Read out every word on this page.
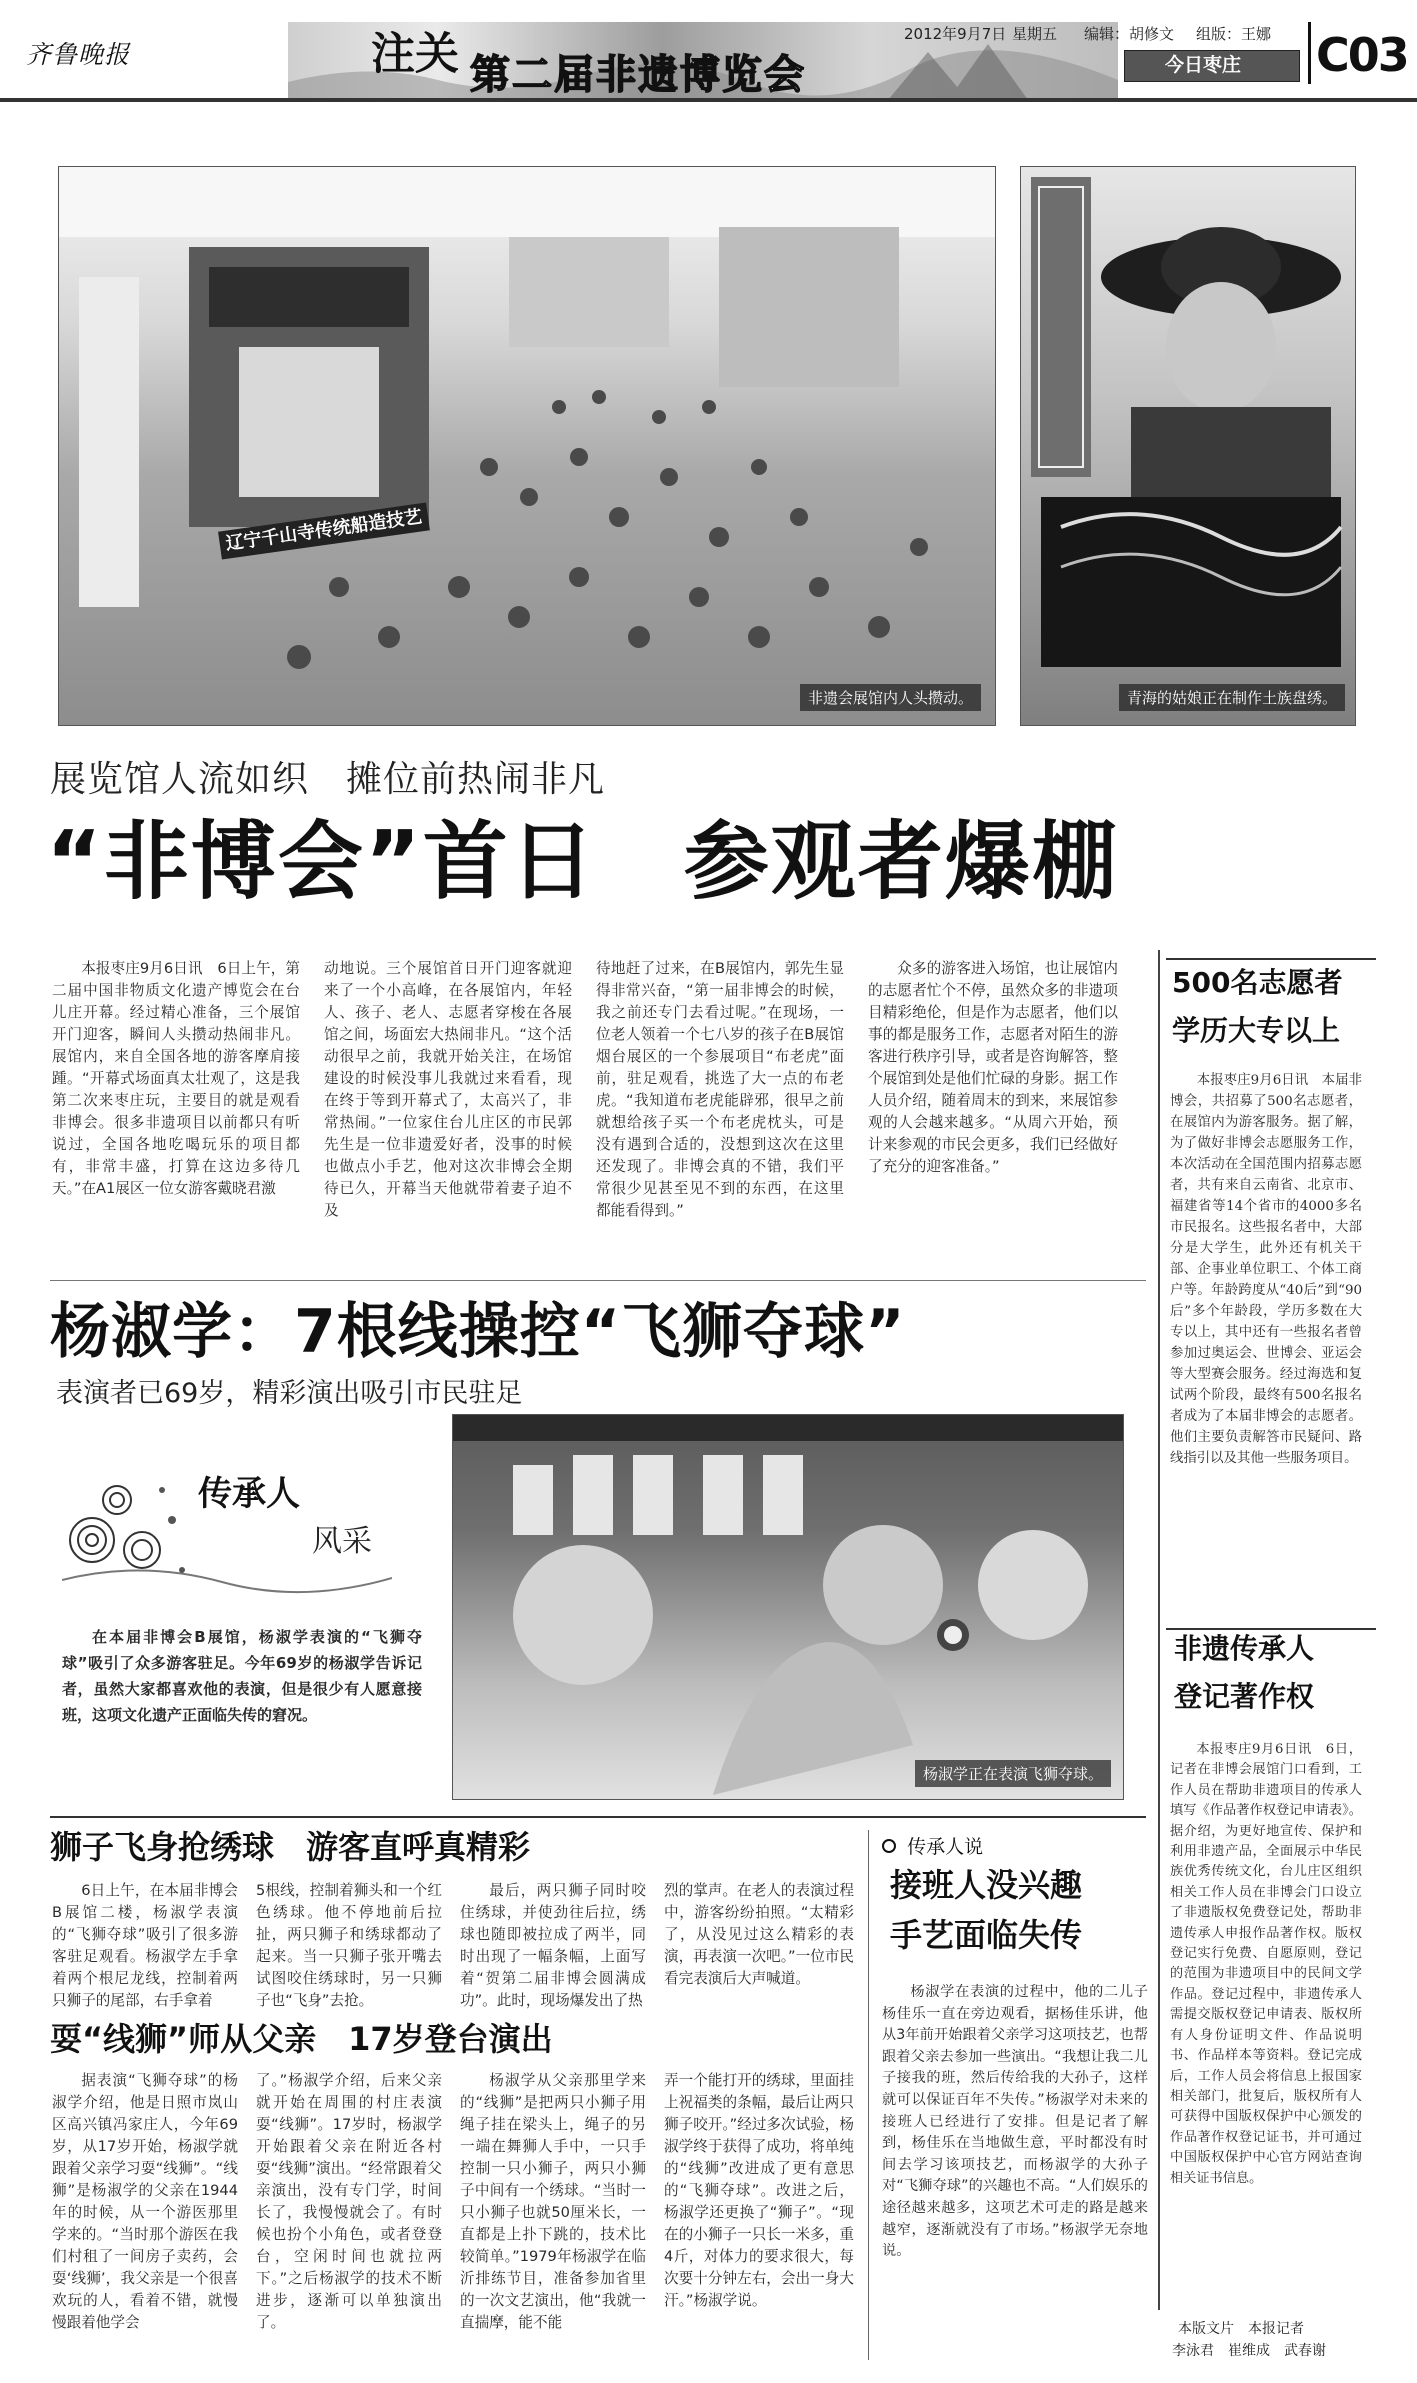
齐鲁晚报	关注
第二届非遗博览会
2012年9月7日 星期五 编辑：胡修文 组版：王娜
今日枣庄 C03
辽宁千山寺传统船造技艺
非遗会展馆内人头攒动。	青海的姑娘正在制作土族盘绣。
展览馆人流如织　摊位前热闹非凡
“非博会”首日　参观者爆棚
本报枣庄9月6日讯　6日上午，第二届中国非物质文化遗产博览会在台儿庄开幕。经过精心准备，三个展馆开门迎客，瞬间人头攒动热闹非凡。展馆内，来自全国各地的游客摩肩接踵。“开幕式场面真太壮观了，这是我第二次来枣庄玩，主要目的就是观看非博会。很多非遗项目以前都只有听说过，全国各地吃喝玩乐的项目都有，非常丰盛，打算在这边多待几天。”在A1展区一位女游客戴晓君激
动地说。三个展馆首日开门迎客就迎来了一个小高峰，在各展馆内，年轻人、孩子、老人、志愿者穿梭在各展馆之间，场面宏大热闹非凡。“这个活动很早之前，我就开始关注，在场馆建设的时候没事儿我就过来看看，现在终于等到开幕式了，太高兴了，非常热闹。”一位家住台儿庄区的市民郭先生是一位非遗爱好者，没事的时候也做点小手艺，他对这次非博会全期待已久，开幕当天他就带着妻子迫不及
待地赶了过来，在B展馆内，郭先生显得非常兴奋，“第一届非博会的时候，我之前还专门去看过呢。”在现场，一位老人领着一个七八岁的孩子在B展馆烟台展区的一个参展项目“布老虎”面前，驻足观看，挑选了大一点的布老虎。“我知道布老虎能辟邪，很早之前就想给孩子买一个布老虎枕头，可是没有遇到合适的，没想到这次在这里还发现了。非博会真的不错，我们平常很少见甚至见不到的东西，在这里都能看得到。”
众多的游客进入场馆，也让展馆内的志愿者忙个不停，虽然众多的非遗项目精彩绝伦，但是作为志愿者，他们以事的都是服务工作，志愿者对陌生的游客进行秩序引导，或者是咨询解答，整个展馆到处是他们忙碌的身影。据工作人员介绍，随着周末的到来，来展馆参观的人会越来越多。“从周六开始，预计来参观的市民会更多，我们已经做好了充分的迎客准备。”
500名志愿者
学历大专以上
本报枣庄9月6日讯　本届非博会，共招募了500名志愿者，在展馆内为游客服务。据了解，为了做好非博会志愿服务工作，本次活动在全国范围内招募志愿者，共有来自云南省、北京市、福建省等14个省市的4000多名市民报名。这些报名者中，大部分是大学生，此外还有机关干部、企事业单位职工、个体工商户等。年龄跨度从“40后”到“90后”多个年龄段，学历多数在大专以上，其中还有一些报名者曾参加过奥运会、世博会、亚运会等大型赛会服务。经过海选和复试两个阶段，最终有500名报名者成为了本届非博会的志愿者。他们主要负责解答市民疑问、路线指引以及其他一些服务项目。
杨淑学：7根线操控“飞狮夺球”
表演者已69岁，精彩演出吸引市民驻足
传承人
风采
在本届非博会B展馆，杨淑学表演的“飞狮夺球”吸引了众多游客驻足。今年69岁的杨淑学告诉记者，虽然大家都喜欢他的表演，但是很少有人愿意接班，这项文化遗产正面临失传的窘况。
杨淑学正在表演飞狮夺球。
狮子飞身抢绣球　游客直呼真精彩
6日上午，在本届非博会B展馆二楼，杨淑学表演的“飞狮夺球”吸引了很多游客驻足观看。杨淑学左手拿着两个根尼龙线，控制着两只狮子的尾部，右手拿着
5根线，控制着狮头和一个红色绣球。他不停地前后拉扯，两只狮子和绣球都动了起来。当一只狮子张开嘴去试图咬住绣球时，另一只狮子也“飞身”去抢。
最后，两只狮子同时咬住绣球，并使劲往后拉，绣球也随即被拉成了两半，同时出现了一幅条幅，上面写着“贺第二届非博会圆满成功”。此时，现场爆发出了热
烈的掌声。在老人的表演过程中，游客纷纷拍照。“太精彩了，从没见过这么精彩的表演，再表演一次吧。”一位市民看完表演后大声喊道。
耍“线狮”师从父亲　17岁登台演出
据表演“飞狮夺球”的杨淑学介绍，他是日照市岚山区高兴镇冯家庄人，今年69岁，从17岁开始，杨淑学就跟着父亲学习耍“线狮”。“线狮”是杨淑学的父亲在1944年的时候，从一个游医那里学来的。“当时那个游医在我们村租了一间房子卖药，会耍‘线狮’，我父亲是一个很喜欢玩的人，看着不错，就慢慢跟着他学会
了。”杨淑学介绍，后来父亲就开始在周围的村庄表演耍“线狮”。17岁时，杨淑学开始跟着父亲在附近各村耍“线狮”演出。“经常跟着父亲演出，没有专门学，时间长了，我慢慢就会了。有时候也扮个小角色，或者登登台，空闲时间也就拉两下。”之后杨淑学的技术不断进步，逐渐可以单独演出了。
杨淑学从父亲那里学来的“线狮”是把两只小狮子用绳子挂在梁头上，绳子的另一端在舞狮人手中，一只手控制一只小狮子，两只小狮子中间有一个绣球。“当时一只小狮子也就50厘米长，一直都是上扑下跳的，技术比较简单。”1979年杨淑学在临沂排练节目，准备参加省里的一次文艺演出，他“我就一直揣摩，能不能
弄一个能打开的绣球，里面挂上祝福类的条幅，最后让两只狮子咬开。”经过多次试验，杨淑学终于获得了成功，将单纯的“线狮”改进成了更有意思的“飞狮夺球”。改进之后，杨淑学还更换了“狮子”。“现在的小狮子一只长一米多，重4斤，对体力的要求很大，每次要十分钟左右，会出一身大汗。”杨淑学说。
传承人说
接班人没兴趣
手艺面临失传
杨淑学在表演的过程中，他的二儿子杨佳乐一直在旁边观看，据杨佳乐讲，他从3年前开始跟着父亲学习这项技艺，也帮跟着父亲去参加一些演出。“我想让我二儿子接我的班，然后传给我的大孙子，这样就可以保证百年不失传。”杨淑学对未来的接班人已经进行了安排。但是记者了解到，杨佳乐在当地做生意，平时都没有时间去学习该项技艺，而杨淑学的大孙子对“飞狮夺球”的兴趣也不高。“人们娱乐的途径越来越多，这项艺术可走的路是越来越窄，逐渐就没有了市场。”杨淑学无奈地说。
非遗传承人
登记著作权
本报枣庄9月6日讯　6日，记者在非博会展馆门口看到，工作人员在帮助非遗项目的传承人填写《作品著作权登记申请表》。据介绍，为更好地宣传、保护和利用非遗产品，全面展示中华民族优秀传统文化，台儿庄区组织相关工作人员在非博会门口设立了非遗版权免费登记处，帮助非遗传承人申报作品著作权。版权登记实行免费、自愿原则，登记的范围为非遗项目中的民间文学作品。登记过程中，非遗传承人需提交版权登记申请表、版权所有人身份证明文件、作品说明书、作品样本等资料。登记完成后，工作人员会将信息上报国家相关部门，批复后，版权所有人可获得中国版权保护中心颁发的作品著作权登记证书，并可通过中国版权保护中心官方网站查询相关证书信息。
本版文片　本报记者
李泳君　崔维成　武春谢
